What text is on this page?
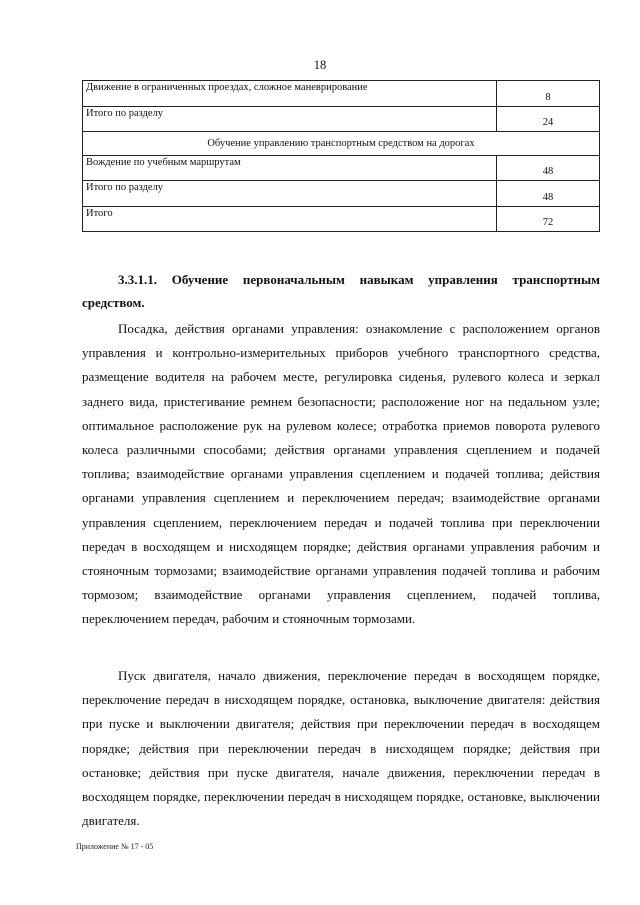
18
Движение в ограниченных проездах, сложное маневрирование	8
Итого по разделу	24
Обучение управлению транспортным средством на дорогах	
Вождение по учебным маршрутам	48
Итого по разделу	48
Итого	72
3.3.1.1. Обучение первоначальным навыкам управления транспортным средством.

Посадка, действия органами управления: ознакомление с расположением органов управления и контрольно-измерительных приборов учебного транспортного средства, размещение водителя на рабочем месте, регулировка сиденья, рулевого колеса и зеркал заднего вида, пристегивание ремнем безопасности; расположение ног на педальном узле; оптимальное расположение рук на рулевом колесе; отработка приемов поворота рулевого колеса различными способами; действия органами управления сцеплением и подачей топлива; взаимодействие органами управления сцеплением и подачей топлива; действия органами управления сцеплением и переключением передач; взаимодействие органами управления сцеплением, переключением передач и подачей топлива при переключении передач в восходящем и нисходящем порядке; действия органами управления рабочим и стояночным тормозами; взаимодействие органами управления подачей топлива и рабочим тормозом; взаимодействие органами управления сцеплением, подачей топлива, переключением передач, рабочим и стояночным тормозами.

Пуск двигателя, начало движения, переключение передач в восходящем порядке, переключение передач в нисходящем порядке, остановка, выключение двигателя: действия при пуске и выключении двигателя; действия при переключении передач в восходящем порядке; действия при переключении передач в нисходящем порядке; действия при остановке; действия при пуске двигателя, начале движения, переключении передач в восходящем порядке, переключении передач в нисходящем порядке, остановке, выключении двигателя.

Приложение № 17 - 05
